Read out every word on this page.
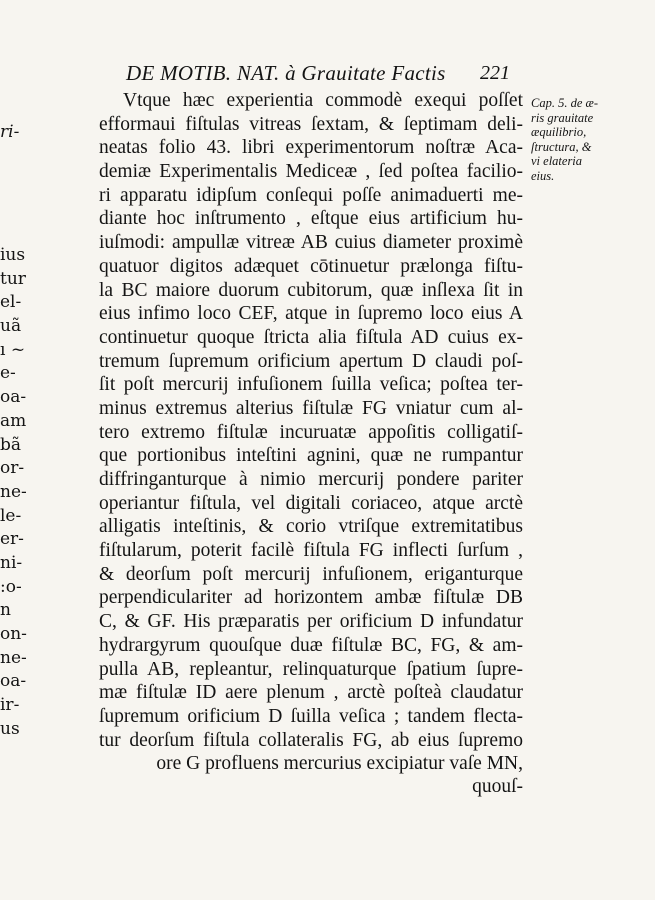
ri-
ius
tur
el-
uã
ı ~
e-
oa-
am
bã
or-
ne-
le-
er-
ni-
:o-
n
on-
ne-
oa-
ir-
us
DE MOTIB. NAT. à Grauitate Factis	221
Vtque hæc experientia commodè exequi poſſet
efformaui fiſtulas vitreas ſextam, & ſeptimam deli-
neatas folio 43. libri experimentorum noſtræ Aca-
demiæ Experimentalis Mediceæ , ſed poſtea facilio-
ri apparatu idipſum conſequi poſſe animaduerti me-
diante hoc inſtrumento , eſtque eius artificium hu-
iuſmodi: ampullæ vitreæ AB cuius diameter proximè
quatuor digitos adæquet cōtinuetur prælonga fiſtu-
la BC maiore duorum cubitorum, quæ inſlexa ſit in
eius infimo loco CEF, atque in ſupremo loco eius A
continuetur quoque ſtricta alia fiſtula AD cuius ex-
tremum ſupremum orificium apertum D claudi poſ-
ſit poſt mercurij infuſionem ſuilla veſica; poſtea ter-
minus extremus alterius fiſtulæ FG vniatur cum al-
tero extremo fiſtulæ incuruatæ appoſitis colligatiſ-
que portionibus inteſtini agnini, quæ ne rumpantur
diffringanturque à nimio mercurij pondere pariter
operiantur fiſtula, vel digitali coriaceo, atque arctè
alligatis inteſtinis, & corio vtriſque extremitatibus
fiſtularum, poterit facilè fiſtula FG inflecti ſurſum ,
& deorſum poſt mercurij infuſionem, eriganturque
perpendiculariter ad horizontem ambæ fiſtulæ DB
C, & GF. His præparatis per orificium D infundatur
hydrargyrum quouſque duæ fiſtulæ BC, FG, & am-
pulla AB, repleantur, relinquaturque ſpatium ſupre-
mæ fiſtulæ ID aere plenum , arctè poſteà claudatur
ſupremum orificium D ſuilla veſica ; tandem flecta-
tur deorſum fiſtula collateralis FG, ab eius ſupremo
ore G profluens mercurius excipiatur vaſe MN,
Cap. 5. de æ-
ris grauitate
æquilibrio,
ſtructura, &
vi elateria
eius.
quouſ-
